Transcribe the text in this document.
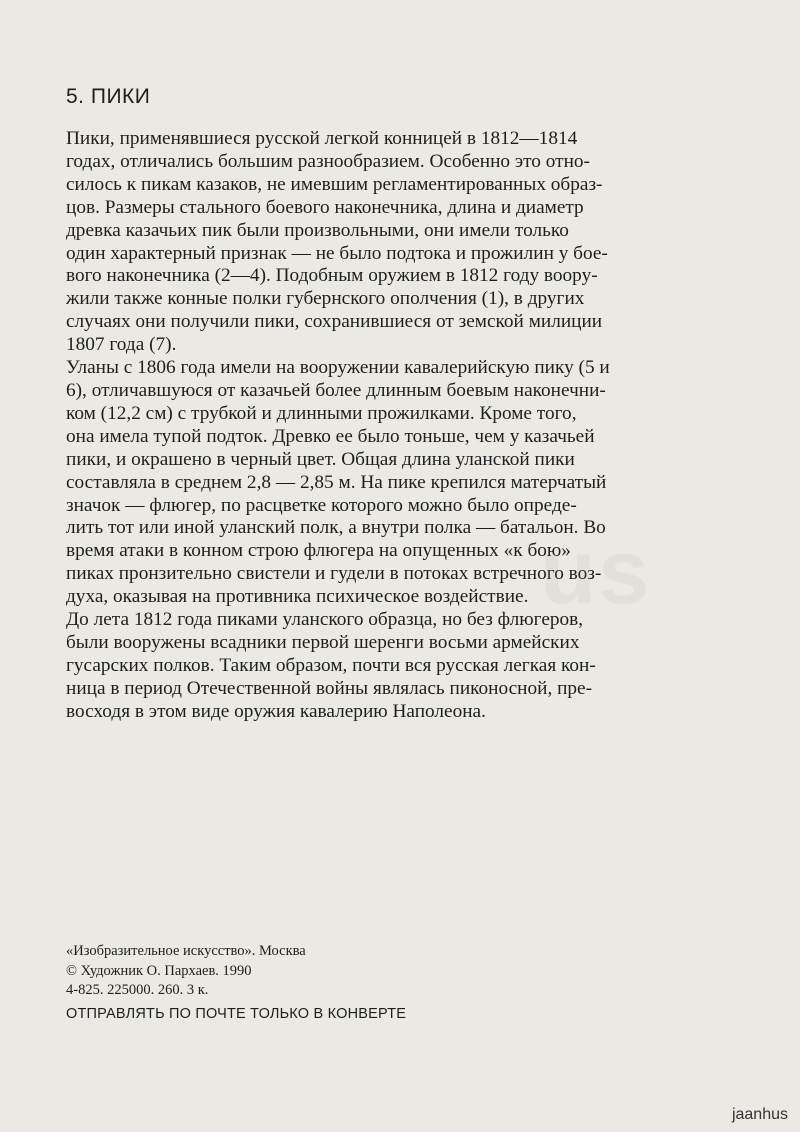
5. ПИКИ
Пики, применявшиеся русской легкой конницей в 1812—1814
годах, отличались большим разнообразием. Особенно это отно-
силось к пикам казаков, не имевшим регламентированных образ-
цов. Размеры стального боевого наконечника, длина и диаметр
древка казачьих пик были произвольными, они имели только
один характерный признак — не было подтока и прожилин у бое-
вого наконечника (2—4). Подобным оружием в 1812 году воору-
жили также конные полки губернского ополчения (1), в других
случаях они получили пики, сохранившиеся от земской милиции
1807 года (7).
Уланы с 1806 года имели на вооружении кавалерийскую пику (5 и
6), отличавшуюся от казачьей более длинным боевым наконечни-
ком (12,2 см) с трубкой и длинными прожилками. Кроме того,
она имела тупой подток. Древко ее было тоньше, чем у казачьей
пики, и окрашено в черный цвет. Общая длина уланской пики
составляла в среднем 2,8 — 2,85 м. На пике крепился матерчатый
значок — флюгер, по расцветке которого можно было опреде-
лить тот или иной уланский полк, а внутри полка — батальон. Во
время атаки в конном строю флюгера на опущенных «к бою»
пиках пронзительно свистели и гудели в потоках встречного воз-
духа, оказывая на противника психическое воздействие.
До лета 1812 года пиками уланского образца, но без флюгеров,
были вооружены всадники первой шеренги восьми армейских
гусарских полков. Таким образом, почти вся русская легкая кон-
ница в период Отечественной войны являлась пиконосной, пре-
восходя в этом виде оружия кавалерию Наполеона.
us
«Изобразительное искусство». Москва
© Художник О. Пархаев. 1990
4-825. 225000. 260. 3 к.
ОТПРАВЛЯТЬ ПО ПОЧТЕ ТОЛЬКО В КОНВЕРТЕ
jaanhus
